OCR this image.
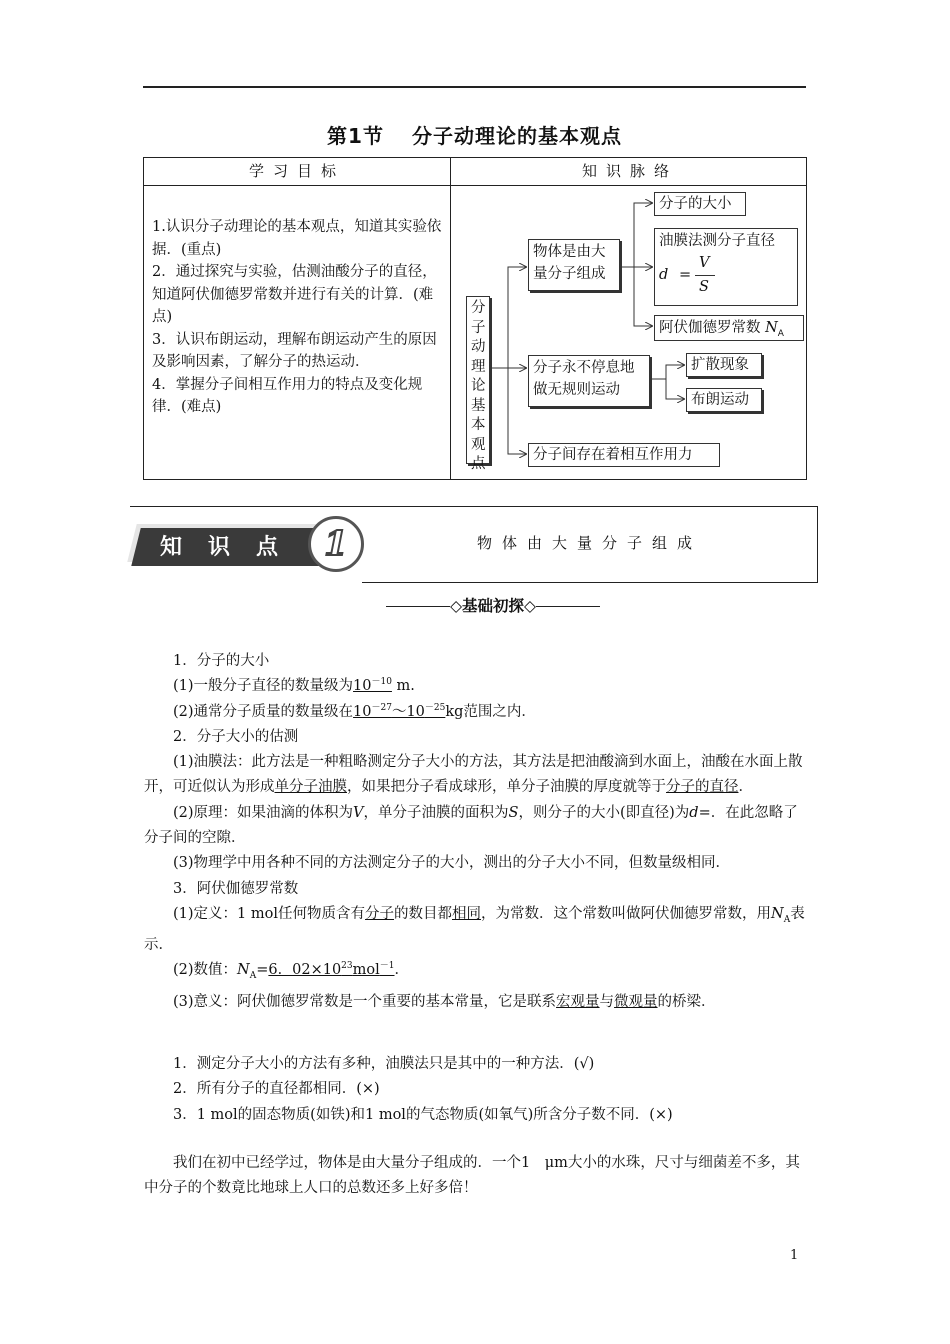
第1节 分子动理论的基本观点
学习目标	知识脉络
1.认识分子动理论的基本观点，知道其实验依据．(重点)
2．通过探究与实验，估测油酸分子的直径，知道阿伏伽德罗常数并进行有关的计算．(难点)
3．认识布朗运动，理解布朗运动产生的原因及影响因素，了解分子的热运动．
4．掌握分子间相互作用力的特点及变化规律．(难点)
分子动理论基本观点
物体是由大量分子组成
分子的大小
油膜法测分子直径
d =
V
S
阿伏伽德罗常数 $N_A$
分子永不停息地做无规则运动
扩散现象
布朗运动
分子间存在着相互作用力
知识点 1	物体由大量分子组成
◇基础初探◇

1．分子的大小

(1)一般分子直径的数量级为$10^{-10}$ m.

(2)通常分子质量的数量级在$10^{-27}\sim 10^{-25}kg$范围之内．

2．分子大小的估测

(1)油膜法：此方法是一种粗略测定分子大小的方法，其方法是把油酸滴到水面上，油酸在水面上散开，可近似认为形成单分子油膜，如果把分子看成球形，单分子油膜的厚度就等于分子的直径．

(2)原理：如果油滴的体积为V，单分子油膜的面积为S，则分子的大小(即直径)为d=．在此忽略了分子间的空隙．

(3)物理学中用各种不同的方法测定分子的大小，测出的分子大小不同，但数量级相同．

3．阿伏伽德罗常数

(1)定义：1 mol任何物质含有分子的数目都相同，为常数．这个常数叫做阿伏伽德罗常数，用$N_A$表示．

(2)数值：$N_A=6$．$02\times 10^{23}mol^{-1}$．

(3)意义：阿伏伽德罗常数是一个重要的基本常量，它是联系宏观量与微观量的桥梁．

1．测定分子大小的方法有多种，油膜法只是其中的一种方法．(√)

2．所有分子的直径都相同．(×)

3．1 mol的固态物质(如铁)和1 mol的气态物质(如氧气)所含分子数不同．(×)

我们在初中已经学过，物体是由大量分子组成的．一个1　μm大小的水珠，尺寸与细菌差不多，其中分子的个数竟比地球上人口的总数还多上好多倍！

1
